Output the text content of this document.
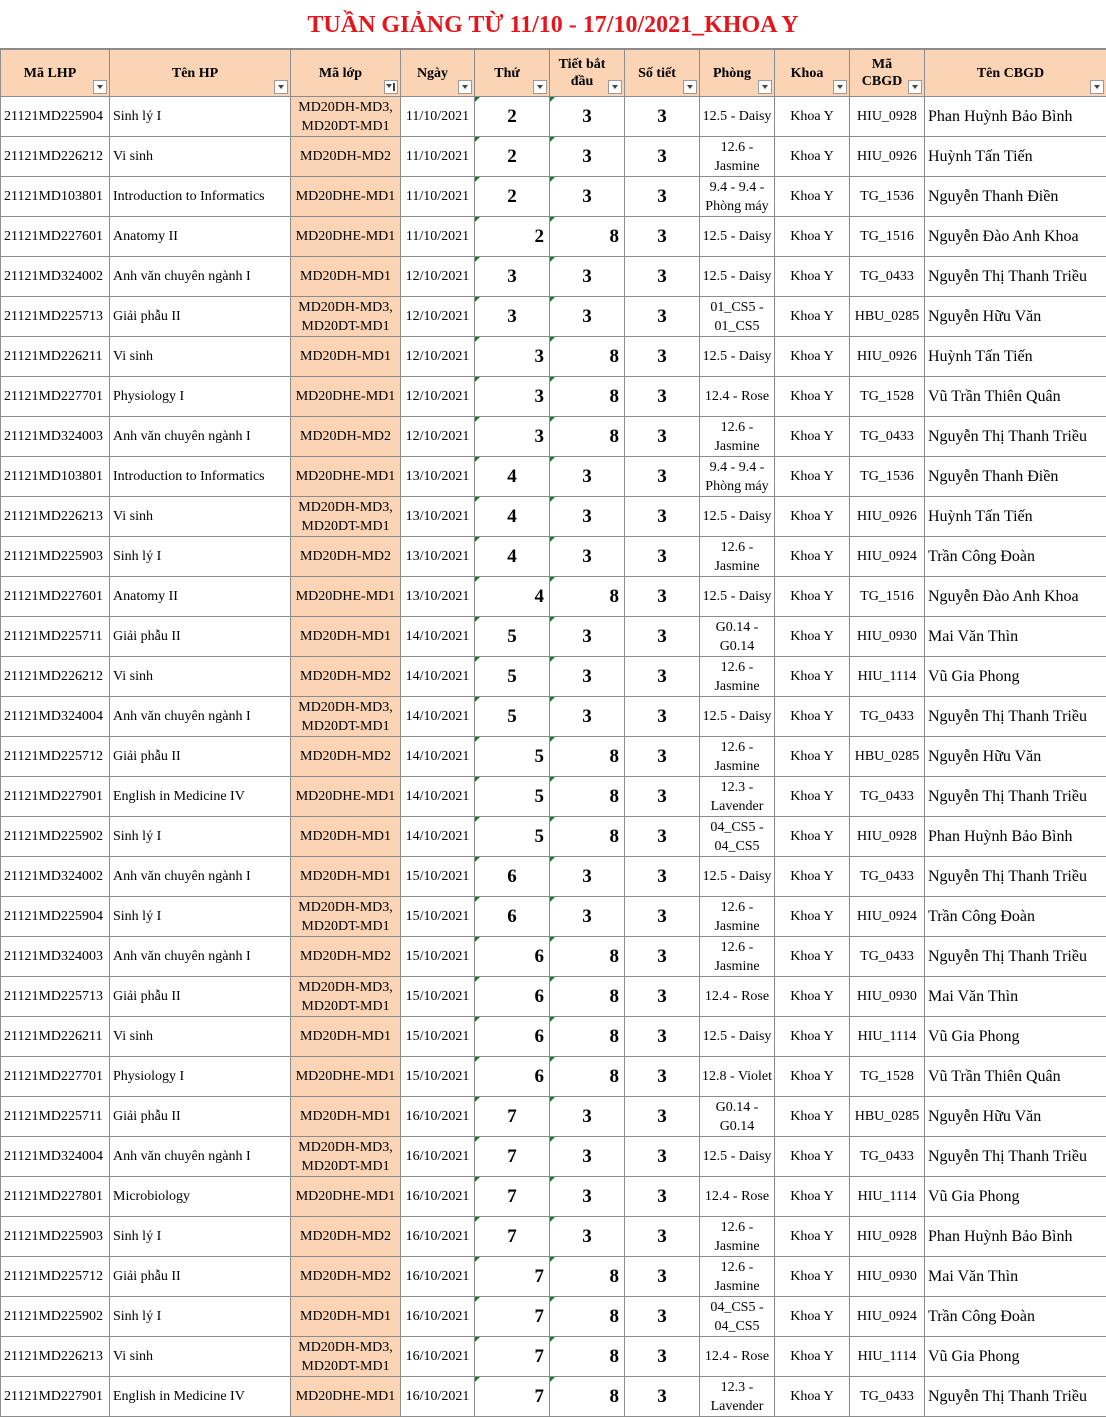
TUẦN GIẢNG TỪ 11/10 - 17/10/2021_KHOA Y
Mã LHP	Tên HP	Mã lớp	Ngày	Thứ	Tiết bắt đầu	Số tiết	Phòng	Khoa	Mã CBGD	Tên CBGD

21121MD225904	Sinh lý I	MD20DH-MD3, MD20DT-MD1	11/10/2021	2	3	3	12.5 - Daisy	Khoa Y	HIU_0928	Phan Huỳnh Bảo Bình
21121MD226212	Vi sinh	MD20DH-MD2	11/10/2021	2	3	3	12.6 - Jasmine	Khoa Y	HIU_0926	Huỳnh Tấn Tiến
21121MD103801	Introduction to Informatics	MD20DHE-MD1	11/10/2021	2	3	3	9.4 - 9.4 - Phòng máy	Khoa Y	TG_1536	Nguyễn Thanh Điền
21121MD227601	Anatomy II	MD20DHE-MD1	11/10/2021	2	8	3	12.5 - Daisy	Khoa Y	TG_1516	Nguyễn Đào Anh Khoa
21121MD324002	Anh văn chuyên ngành I	MD20DH-MD1	12/10/2021	3	3	3	12.5 - Daisy	Khoa Y	TG_0433	Nguyễn Thị Thanh Triều
21121MD225713	Giải phẫu II	MD20DH-MD3, MD20DT-MD1	12/10/2021	3	3	3	01_CS5 - 01_CS5	Khoa Y	HBU_0285	Nguyễn Hữu Văn
21121MD226211	Vi sinh	MD20DH-MD1	12/10/2021	3	8	3	12.5 - Daisy	Khoa Y	HIU_0926	Huỳnh Tấn Tiến
21121MD227701	Physiology I	MD20DHE-MD1	12/10/2021	3	8	3	12.4 - Rose	Khoa Y	TG_1528	Vũ Trần Thiên Quân
21121MD324003	Anh văn chuyên ngành I	MD20DH-MD2	12/10/2021	3	8	3	12.6 - Jasmine	Khoa Y	TG_0433	Nguyễn Thị Thanh Triều
21121MD103801	Introduction to Informatics	MD20DHE-MD1	13/10/2021	4	3	3	9.4 - 9.4 - Phòng máy	Khoa Y	TG_1536	Nguyễn Thanh Điền
21121MD226213	Vi sinh	MD20DH-MD3, MD20DT-MD1	13/10/2021	4	3	3	12.5 - Daisy	Khoa Y	HIU_0926	Huỳnh Tấn Tiến
21121MD225903	Sinh lý I	MD20DH-MD2	13/10/2021	4	3	3	12.6 - Jasmine	Khoa Y	HIU_0924	Trần Công Đoàn
21121MD227601	Anatomy II	MD20DHE-MD1	13/10/2021	4	8	3	12.5 - Daisy	Khoa Y	TG_1516	Nguyễn Đào Anh Khoa
21121MD225711	Giải phẫu II	MD20DH-MD1	14/10/2021	5	3	3	G0.14 - G0.14	Khoa Y	HIU_0930	Mai Văn Thìn
21121MD226212	Vi sinh	MD20DH-MD2	14/10/2021	5	3	3	12.6 - Jasmine	Khoa Y	HIU_1114	Vũ Gia Phong
21121MD324004	Anh văn chuyên ngành I	MD20DH-MD3, MD20DT-MD1	14/10/2021	5	3	3	12.5 - Daisy	Khoa Y	TG_0433	Nguyễn Thị Thanh Triều
21121MD225712	Giải phẫu II	MD20DH-MD2	14/10/2021	5	8	3	12.6 - Jasmine	Khoa Y	HBU_0285	Nguyễn Hữu Văn
21121MD227901	English in Medicine IV	MD20DHE-MD1	14/10/2021	5	8	3	12.3 - Lavender	Khoa Y	TG_0433	Nguyễn Thị Thanh Triều
21121MD225902	Sinh lý I	MD20DH-MD1	14/10/2021	5	8	3	04_CS5 - 04_CS5	Khoa Y	HIU_0928	Phan Huỳnh Bảo Bình
21121MD324002	Anh văn chuyên ngành I	MD20DH-MD1	15/10/2021	6	3	3	12.5 - Daisy	Khoa Y	TG_0433	Nguyễn Thị Thanh Triều
21121MD225904	Sinh lý I	MD20DH-MD3, MD20DT-MD1	15/10/2021	6	3	3	12.6 - Jasmine	Khoa Y	HIU_0924	Trần Công Đoàn
21121MD324003	Anh văn chuyên ngành I	MD20DH-MD2	15/10/2021	6	8	3	12.6 - Jasmine	Khoa Y	TG_0433	Nguyễn Thị Thanh Triều
21121MD225713	Giải phẫu II	MD20DH-MD3, MD20DT-MD1	15/10/2021	6	8	3	12.4 - Rose	Khoa Y	HIU_0930	Mai Văn Thìn
21121MD226211	Vi sinh	MD20DH-MD1	15/10/2021	6	8	3	12.5 - Daisy	Khoa Y	HIU_1114	Vũ Gia Phong
21121MD227701	Physiology I	MD20DHE-MD1	15/10/2021	6	8	3	12.8 - Violet	Khoa Y	TG_1528	Vũ Trần Thiên Quân
21121MD225711	Giải phẫu II	MD20DH-MD1	16/10/2021	7	3	3	G0.14 - G0.14	Khoa Y	HBU_0285	Nguyễn Hữu Văn
21121MD324004	Anh văn chuyên ngành I	MD20DH-MD3, MD20DT-MD1	16/10/2021	7	3	3	12.5 - Daisy	Khoa Y	TG_0433	Nguyễn Thị Thanh Triều
21121MD227801	Microbiology	MD20DHE-MD1	16/10/2021	7	3	3	12.4 - Rose	Khoa Y	HIU_1114	Vũ Gia Phong
21121MD225903	Sinh lý I	MD20DH-MD2	16/10/2021	7	3	3	12.6 - Jasmine	Khoa Y	HIU_0928	Phan Huỳnh Bảo Bình
21121MD225712	Giải phẫu II	MD20DH-MD2	16/10/2021	7	8	3	12.6 - Jasmine	Khoa Y	HIU_0930	Mai Văn Thìn
21121MD225902	Sinh lý I	MD20DH-MD1	16/10/2021	7	8	3	04_CS5 - 04_CS5	Khoa Y	HIU_0924	Trần Công Đoàn
21121MD226213	Vi sinh	MD20DH-MD3, MD20DT-MD1	16/10/2021	7	8	3	12.4 - Rose	Khoa Y	HIU_1114	Vũ Gia Phong
21121MD227901	English in Medicine IV	MD20DHE-MD1	16/10/2021	7	8	3	12.3 - Lavender	Khoa Y	TG_0433	Nguyễn Thị Thanh Triều
